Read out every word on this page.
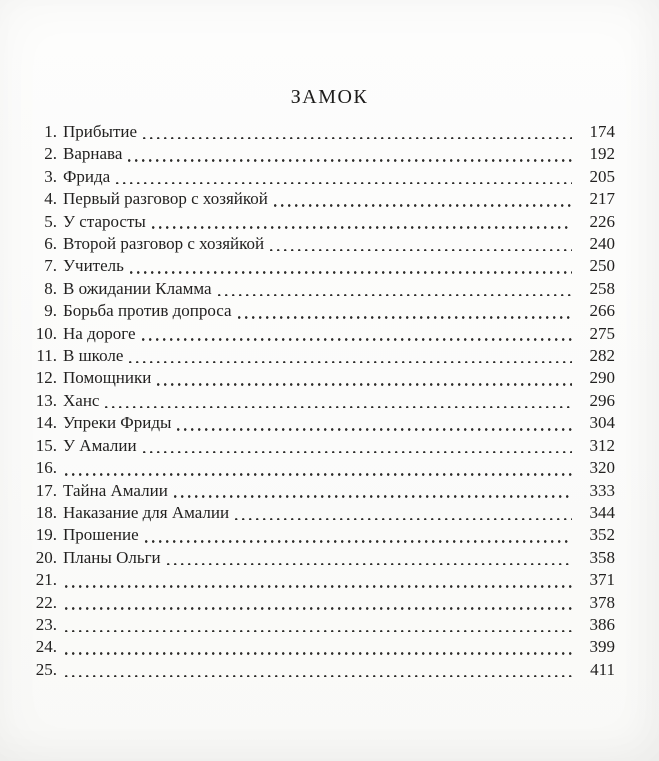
ЗАМОК
1. Прибытие	174
2. Варнава	192
3. Фрида	205
4. Первый разговор с хозяйкой	217
5. У старосты	226
6. Второй разговор с хозяйкой	240
7. Учитель	250
8. В ожидании Кламма	258
9. Борьба против допроса	266
10. На дороге	275
11. В школе	282
12. Помощники	290
13. Ханс	296
14. Упреки Фриды	304
15. У Амалии	312
16.	320
17. Тайна Амалии	333
18. Наказание для Амалии	344
19. Прошение	352
20. Планы Ольги	358
21.	371
22.	378
23.	386
24.	399
25.	411
